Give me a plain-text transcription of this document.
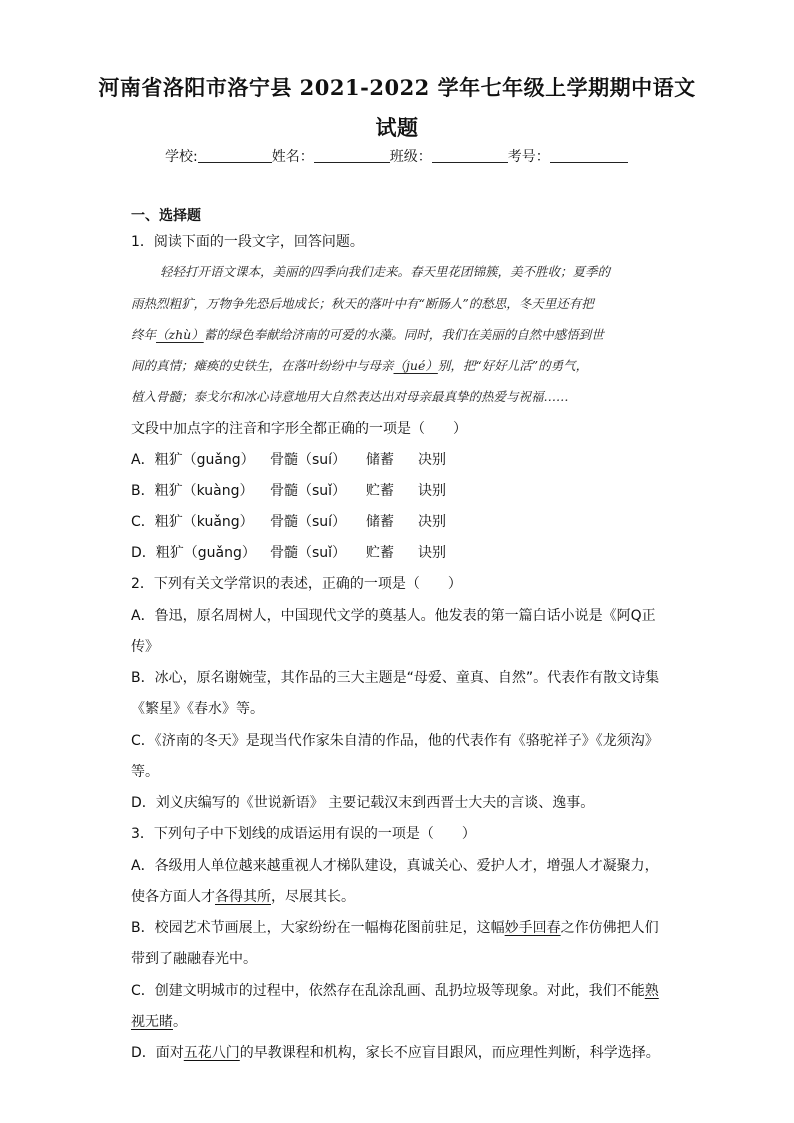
河南省洛阳市洛宁县 2021-2022 学年七年级上学期期中语文
试题
学校:	姓名：	班级：	考号：
一、选择题
1．阅读下面的一段文字，回答问题。
轻轻打开语文课本，美丽的四季向我们走来。春天里花团锦簇，美不胜收；夏季的
雨热烈粗犷，万物争先恐后地成长；秋天的落叶中有“断肠人”的愁思，冬天里还有把
终年（zhù）蓄的绿色奉献给济南的可爱的水藻。同时，我们在美丽的自然中感悟到世
间的真情；瘫痪的史铁生，在落叶纷纷中与母亲（jué）别，把“好好儿活”的勇气，
植入骨髓；泰戈尔和冰心诗意地用大自然表达出对母亲最真挚的热爱与祝福……
文段中加点字的注音和字形全都正确的一项是（　　）
A．粗犷（guǎng） 骨髓（suí） 储蓄 决别
B．粗犷（kuàng） 骨髓（suǐ） 贮蓄 诀别
C．粗犷（kuǎng） 骨髓（suí） 储蓄 决别
D．粗犷（guǎng） 骨髓（suǐ） 贮蓄 诀别
2．下列有关文学常识的表述，正确的一项是（　　）
A．鲁迅，原名周树人，中国现代文学的奠基人。他发表的第一篇白话小说是《阿Q正
传》
B．冰心，原名谢婉莹，其作品的三大主题是“母爱、童真、自然”。代表作有散文诗集
《繁星》《春水》等。
C．《济南的冬天》是现当代作家朱自清的作品，他的代表作有《骆驼祥子》《龙须沟》
等。
D．刘义庆编写的《世说新语》 主要记载汉末到西晋士大夫的言谈、逸事。
3．下列句子中下划线的成语运用有误的一项是（　　）
A．各级用人单位越来越重视人才梯队建设，真诚关心、爱护人才，增强人才凝聚力，
使各方面人才各得其所，尽展其长。
B．校园艺术节画展上，大家纷纷在一幅梅花图前驻足，这幅妙手回春之作仿佛把人们
带到了融融春光中。
C．创建文明城市的过程中，依然存在乱涂乱画、乱扔垃圾等现象。对此，我们不能熟
视无睹。
D．面对五花八门的早教课程和机构，家长不应盲目跟风，而应理性判断，科学选择。
